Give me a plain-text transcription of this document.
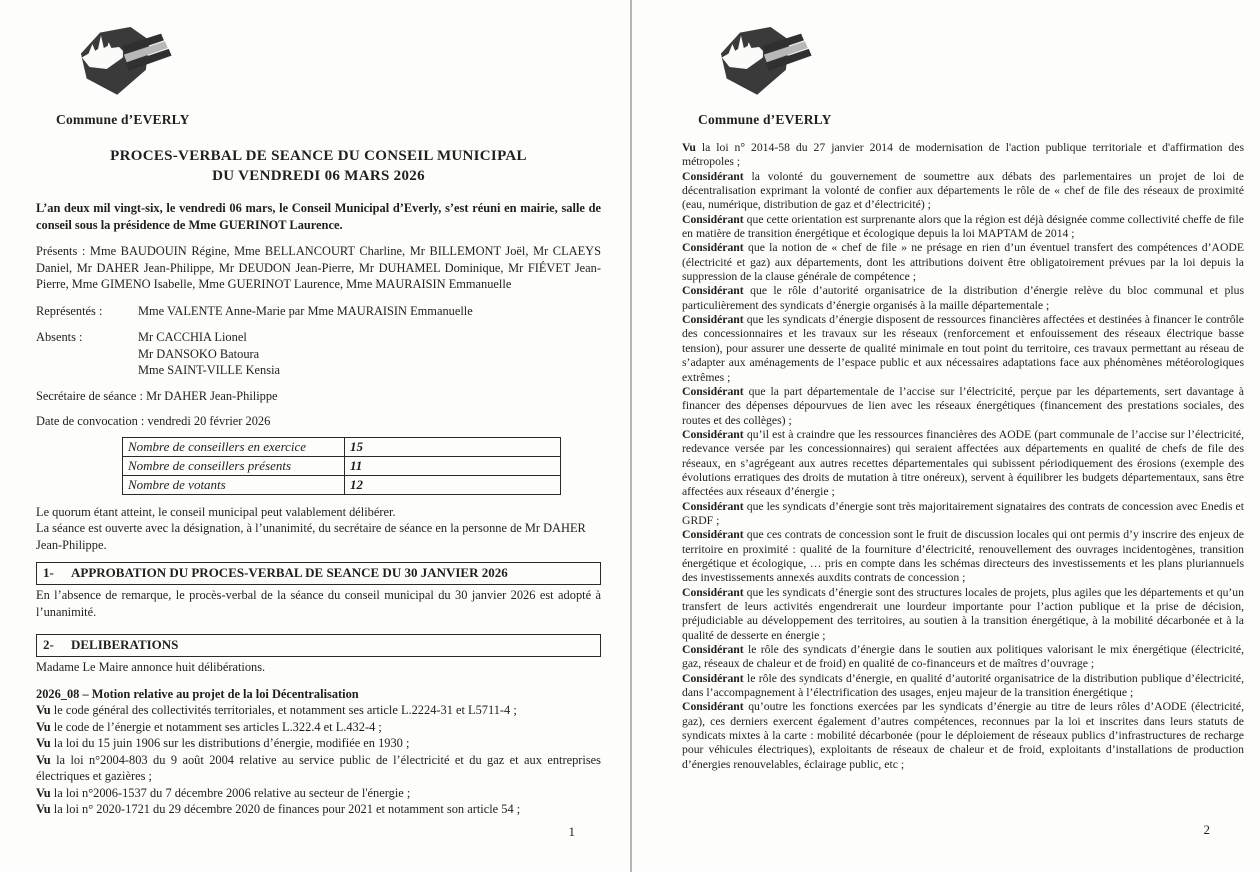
Commune d’EVERLY
PROCES-VERBAL DE SEANCE DU CONSEIL MUNICIPAL
DU VENDREDI 06 MARS 2026

L’an deux mil vingt-six, le vendredi 06 mars, le Conseil Municipal d’Everly, s’est réuni en mairie, salle de conseil sous la présidence de Mme GUERINOT Laurence.

Présents : Mme BAUDOUIN Régine, Mme BELLANCOURT Charline, Mr BILLEMONT Joël, Mr CLAEYS Daniel, Mr DAHER Jean-Philippe, Mr DEUDON Jean-Pierre, Mr DUHAMEL Dominique, Mr FIÉVET Jean-Pierre, Mme GIMENO Isabelle, Mme GUERINOT Laurence, Mme MAURAISIN Emmanuelle

Représentés :	Mme VALENTE Anne-Marie par Mme MAURAISIN Emmanuelle
Absents :	Mr CACCHIA Lionel
Mr DANSOKO Batoura
Mme SAINT-VILLE Kensia

Secrétaire de séance : Mr DAHER Jean-Philippe

Date de convocation : vendredi 20 février 2026

Nombre de conseillers en exercice	15
Nombre de conseillers présents	11
Nombre de votants	12
Le quorum étant atteint, le conseil municipal peut valablement délibérer.
La séance est ouverte avec la désignation, à l’unanimité, du secrétaire de séance en la personne de Mr DAHER Jean-Philippe.
1- APPROBATION DU PROCES-VERBAL DE SEANCE DU 30 JANVIER 2026

En l’absence de remarque, le procès-verbal de la séance du conseil municipal du 30 janvier 2026 est adopté à l’unanimité.

2- DELIBERATIONS

Madame Le Maire annonce huit délibérations.

2026_08 – Motion relative au projet de la loi Décentralisation

Vu le code général des collectivités territoriales, et notamment ses article L.2224-31 et L5711-4 ;

Vu le code de l’énergie et notamment ses articles L.322.4 et L.432-4 ;

Vu la loi du 15 juin 1906 sur les distributions d’énergie, modifiée en 1930 ;

Vu la loi n°2004-803 du 9 août 2004 relative au service public de l’électricité et du gaz et aux entreprises électriques et gazières ;

Vu la loi n°2006-1537 du 7 décembre 2006 relative au secteur de l'énergie ;

Vu la loi n° 2020-1721 du 29 décembre 2020 de finances pour 2021 et notamment son article 54 ;

1
Commune d’EVERLY

Vu la loi n° 2014-58 du 27 janvier 2014 de modernisation de l'action publique territoriale et d'affirmation des métropoles ;

Considérant la volonté du gouvernement de soumettre aux débats des parlementaires un projet de loi de décentralisation exprimant la volonté de confier aux départements le rôle de « chef de file des réseaux de proximité (eau, numérique, distribution de gaz et d’électricité) ;

Considérant que cette orientation est surprenante alors que la région est déjà désignée comme collectivité cheffe de file en matière de transition énergétique et écologique depuis la loi MAPTAM de 2014 ;

Considérant que la notion de « chef de file » ne présage en rien d’un éventuel transfert des compétences d’AODE (électricité et gaz) aux départements, dont les attributions doivent être obligatoirement prévues par la loi depuis la suppression de la clause générale de compétence ;

Considérant que le rôle d’autorité organisatrice de la distribution d’énergie relève du bloc communal et plus particulièrement des syndicats d’énergie organisés à la maille départementale ;

Considérant que les syndicats d’énergie disposent de ressources financières affectées et destinées à financer le contrôle des concessionnaires et les travaux sur les réseaux (renforcement et enfouissement des réseaux électrique basse tension), pour assurer une desserte de qualité minimale en tout point du territoire, ces travaux permettant au réseau de s’adapter aux aménagements de l’espace public et aux nécessaires adaptations face aux phénomènes météorologiques extrêmes ;

Considérant que la part départementale de l’accise sur l’électricité, perçue par les départements, sert davantage à financer des dépenses dépourvues de lien avec les réseaux énergétiques (financement des prestations sociales, des routes et des collèges) ;

Considérant qu’il est à craindre que les ressources financières des AODE (part communale de l’accise sur l’électricité, redevance versée par les concessionnaires) qui seraient affectées aux départements en qualité de chefs de file des réseaux, en s’agrégeant aux autres recettes départementales qui subissent périodiquement des érosions (exemple des évolutions erratiques des droits de mutation à titre onéreux), servent à équilibrer les budgets départementaux, sans être affectées aux réseaux d’énergie ;

Considérant que les syndicats d’énergie sont très majoritairement signataires des contrats de concession avec Enedis et GRDF ;

Considérant que ces contrats de concession sont le fruit de discussion locales qui ont permis d’y inscrire des enjeux de territoire en proximité : qualité de la fourniture d’électricité, renouvellement des ouvrages incidentogènes, transition énergétique et écologique, … pris en compte dans les schémas directeurs des investissements et les plans pluriannuels des investissements annexés auxdits contrats de concession ;

Considérant que les syndicats d’énergie sont des structures locales de projets, plus agiles que les départements et qu’un transfert de leurs activités engendrerait une lourdeur importante pour l’action publique et la prise de décision, préjudiciable au développement des territoires, au soutien à la transition énergétique, à la mobilité décarbonée et à la qualité de desserte en énergie ;

Considérant le rôle des syndicats d’énergie dans le soutien aux politiques valorisant le mix énergétique (électricité, gaz, réseaux de chaleur et de froid) en qualité de co-financeurs et de maîtres d’ouvrage ;

Considérant le rôle des syndicats d’énergie, en qualité d’autorité organisatrice de la distribution publique d’électricité, dans l’accompagnement à l’électrification des usages, enjeu majeur de la transition énergétique ;

Considérant qu’outre les fonctions exercées par les syndicats d’énergie au titre de leurs rôles d’AODE (électricité, gaz), ces derniers exercent également d’autres compétences, reconnues par la loi et inscrites dans leurs statuts de syndicats mixtes à la carte : mobilité décarbonée (pour le déploiement de réseaux publics d’infrastructures de recharge pour véhicules électriques), exploitants de réseaux de chaleur et de froid, exploitants d’installations de production d’énergies renouvelables, éclairage public, etc ;

2
